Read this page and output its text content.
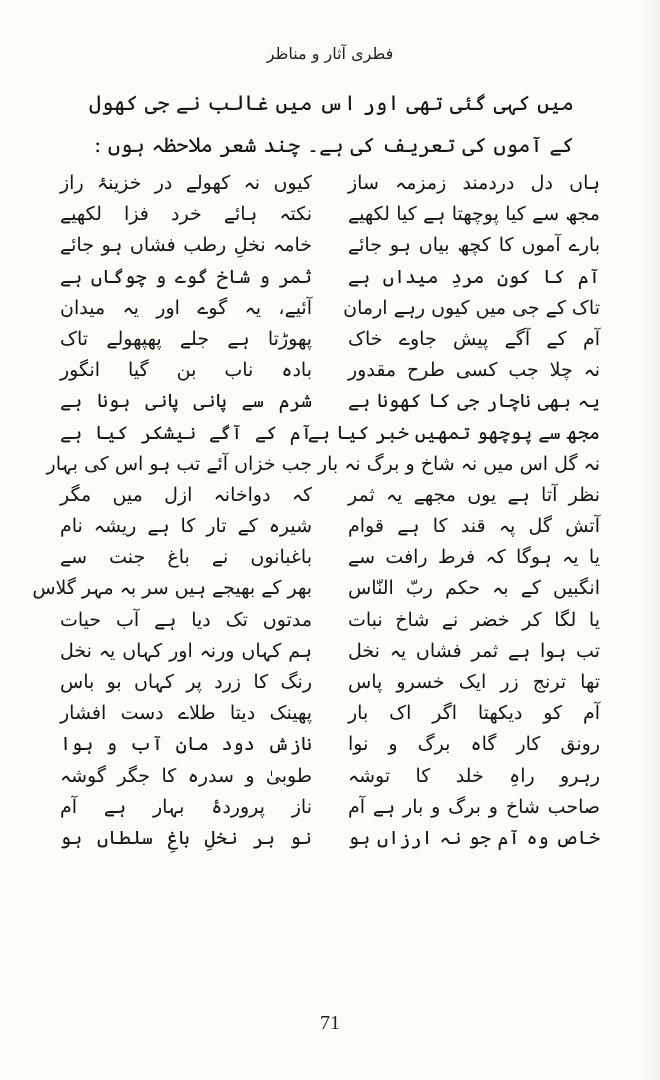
فطری آثار و مناظر
میں کہی گئی تھی اور اس میں غالب نے جی کھول کے آموں کی تعریف کی ہے۔ چند شعر ملاحظہ ہوں :
ہاں دل دردمند زمزمہ ساز
مجھ سے کیا پوچھتا ہے کیا لکھیے
بارے آموں کا کچھ بیاں ہو جائے
آم کا کون مردِ میداں ہے
تاک کے جی میں کیوں رہے ارمان
آم کے آگے پیش جاوے خاک
نہ چلا جب کسی طرح مقدور
یہ بھی ناچار جی کا کھونا ہے
مجھ سے پوچھو تمھیں خبر کیا ہے
نہ گل اس میں نہ شاخ و برگ نہ بار
نظر آتا ہے یوں مجھے یہ ثمر
آتش گل پہ قند کا ہے قوام
یا یہ ہوگا کہ فرط رافت سے
انگبیں کے بہ حکم ربّ النّاس
یا لگا کر خضر نے شاخ نبات
تب ہوا ہے ثمر فشاں یہ نخل
تھا ترنج زر ایک خسرو پاس
آم کو دیکھتا اگر اک بار
رونق کار گاہ برگ و نوا
رہرو راہِ خلد کا توشہ
صاحب شاخ و برگ و بار ہے آم
خاص وہ آم جو نہ ارزاں ہو
کیوں نہ کھولے در خزینۂ راز
نکتہ ہائے خرد فزا لکھیے
خامہ نخلِ رطب فشاں ہو جائے
ثمر و شاخ گوے و چوگاں ہے
آئیے، یہ گوے اور یہ میدان
پھوڑتا ہے جلے پھپھولے تاک
بادہ ناب بن گیا انگور
شرم سے پانی پانی ہونا ہے
آم کے آگے نیشکر کیا ہے
جب خزاں آئے تب ہو اس کی بہار
کہ دواخانہ ازل میں مگر
شیرہ کے تار کا ہے ریشہ نام
باغبانوں نے باغ جنت سے
بھر کے بھیجے ہیں سر بہ مہر گلاس
مدتوں تک دیا ہے آب حیات
ہم کہاں ورنہ اور کہاں یہ نخل
رنگ کا زرد پر کہاں بو باس
پھینک دیتا طلاے دست افشار
نازش دود مان آب و ہوا
طوبیٰ و سدرہ کا جگر گوشہ
ناز پروردۂ بہار ہے آم
نو بر نخلِ باغِ سلطاں ہو
71
